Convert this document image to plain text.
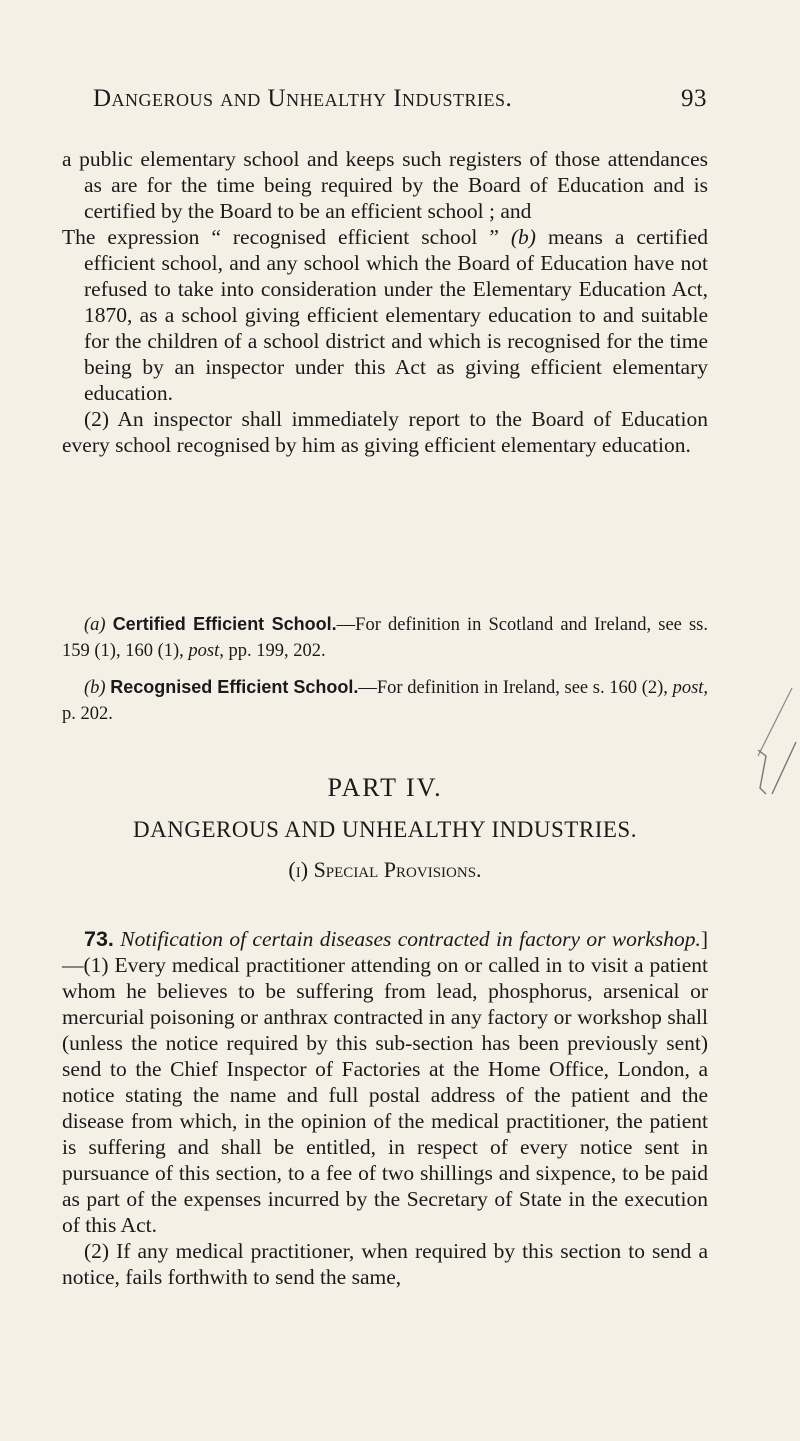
Dangerous and Unhealthy Industries.	93

a public elementary school and keeps such registers of those attendances as are for the time being required by the Board of Education and is certified by the Board to be an efficient school ; and

The expression “ recognised efficient school ” (b) means a certified efficient school, and any school which the Board of Education have not refused to take into consideration under the Elementary Education Act, 1870, as a school giving efficient elementary education to and suitable for the children of a school district and which is recognised for the time being by an inspector under this Act as giving efficient elementary education.

(2) An inspector shall immediately report to the Board of Education every school recognised by him as giving efficient elementary education.

(a) Certified Efficient School.—For definition in Scotland and Ireland, see ss. 159 (1), 160 (1), post, pp. 199, 202.

(b) Recognised Efficient School.—For definition in Ireland, see s. 160 (2), post, p. 202.

PART IV.

DANGEROUS AND UNHEALTHY INDUSTRIES.

(i) Special Provisions.

73. Notification of certain diseases contracted in factory or workshop.]—(1) Every medical practitioner attending on or called in to visit a patient whom he believes to be suffering from lead, phosphorus, arsenical or mercurial poisoning or anthrax contracted in any factory or workshop shall (unless the notice required by this sub-section has been previously sent) send to the Chief Inspector of Factories at the Home Office, London, a notice stating the name and full postal address of the patient and the disease from which, in the opinion of the medical practitioner, the patient is suffering and shall be entitled, in respect of every notice sent in pursuance of this section, to a fee of two shillings and sixpence, to be paid as part of the expenses incurred by the Secretary of State in the execution of this Act.

(2) If any medical practitioner, when required by this section to send a notice, fails forthwith to send the same,
